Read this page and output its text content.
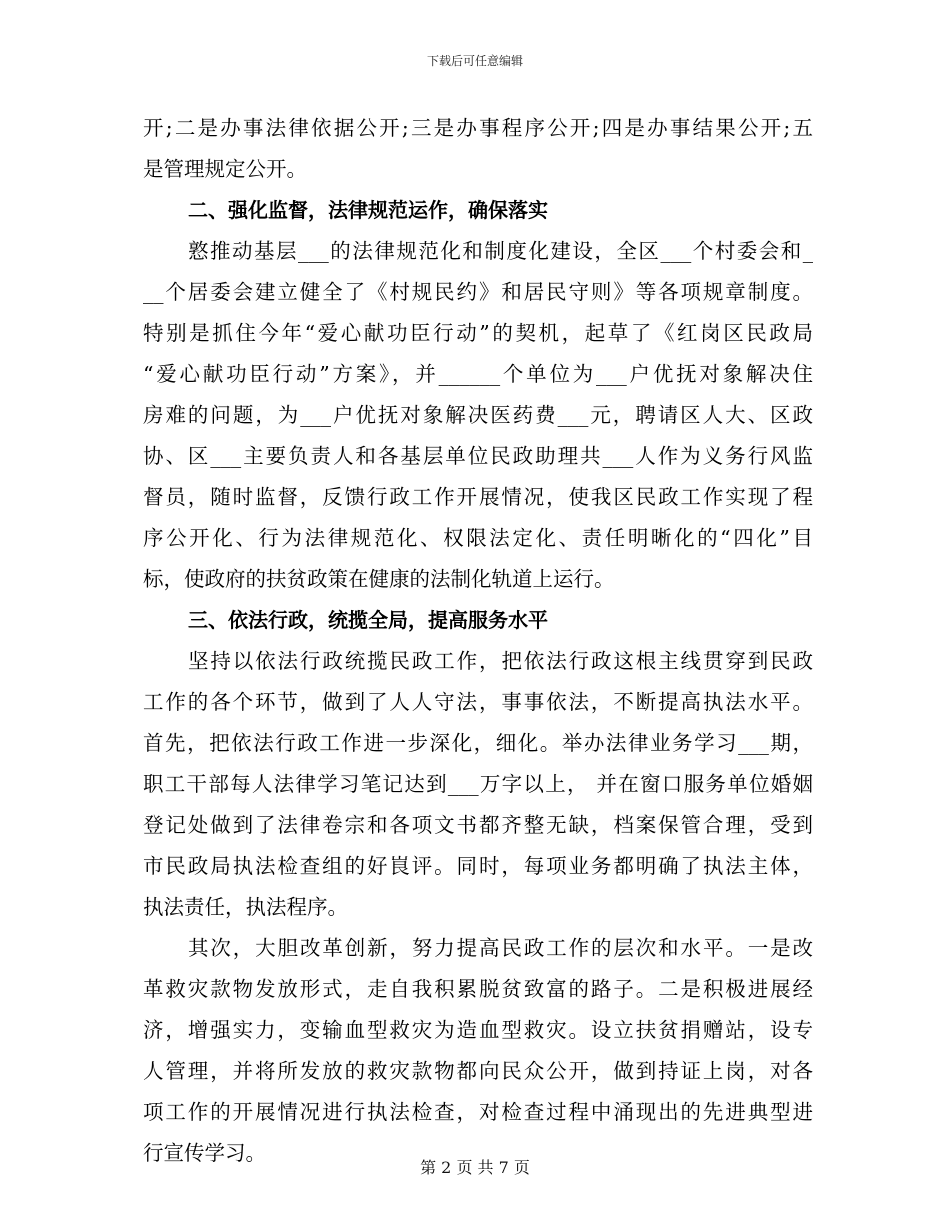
下载后可任意编辑
开;二是办事法律依据公开;三是办事程序公开;四是办事结果公开;五
是管理规定公开。
二、强化监督，法律规范运作，确保落实
憝推动基层___的法律规范化和制度化建设，全区___个村委会和_
__个居委会建立健全了《村规民约》和居民守则》等各项规章制度。
特别是抓住今年“爱心献功臣行动”的契机，起草了《红岗区民政局
“爱心献功臣行动”方案》，并______个单位为___户优抚对象解决住
房难的问题，为___户优抚对象解决医药费___元，聘请区人大、区政
协、区___主要负责人和各基层单位民政助理共___人作为义务行风监
督员，随时监督，反馈行政工作开展情况，使我区民政工作实现了程
序公开化、行为法律规范化、权限法定化、责任明晰化的“四化”目
标，使政府的扶贫政策在健康的法制化轨道上运行。
三、依法行政，统揽全局，提高服务水平
坚持以依法行政统揽民政工作，把依法行政这根主线贯穿到民政
工作的各个环节，做到了人人守法，事事依法，不断提高执法水平。
首先，把依法行政工作进一步深化，细化。举办法律业务学习___期，
职工干部每人法律学习笔记达到___万字以上， 并在窗口服务单位婚姻
登记处做到了法律卷宗和各项文书都齐整无缺，档案保管合理，受到
市民政局执法检查组的好峎评。同时，每项业务都明确了执法主体，
执法责任，执法程序。
其次，大胆改革创新，努力提高民政工作的层次和水平。一是改
革救灾款物发放形式，走自我积累脱贫致富的路子。二是积极进展经
济，增强实力，变输血型救灾为造血型救灾。设立扶贫捐赠站，设专
人管理，并将所发放的救灾款物都向民众公开，做到持证上岗，对各
项工作的开展情况进行执法检查，对检查过程中涌现出的先进典型进
行宣传学习。
第 2 页 共 7 页
